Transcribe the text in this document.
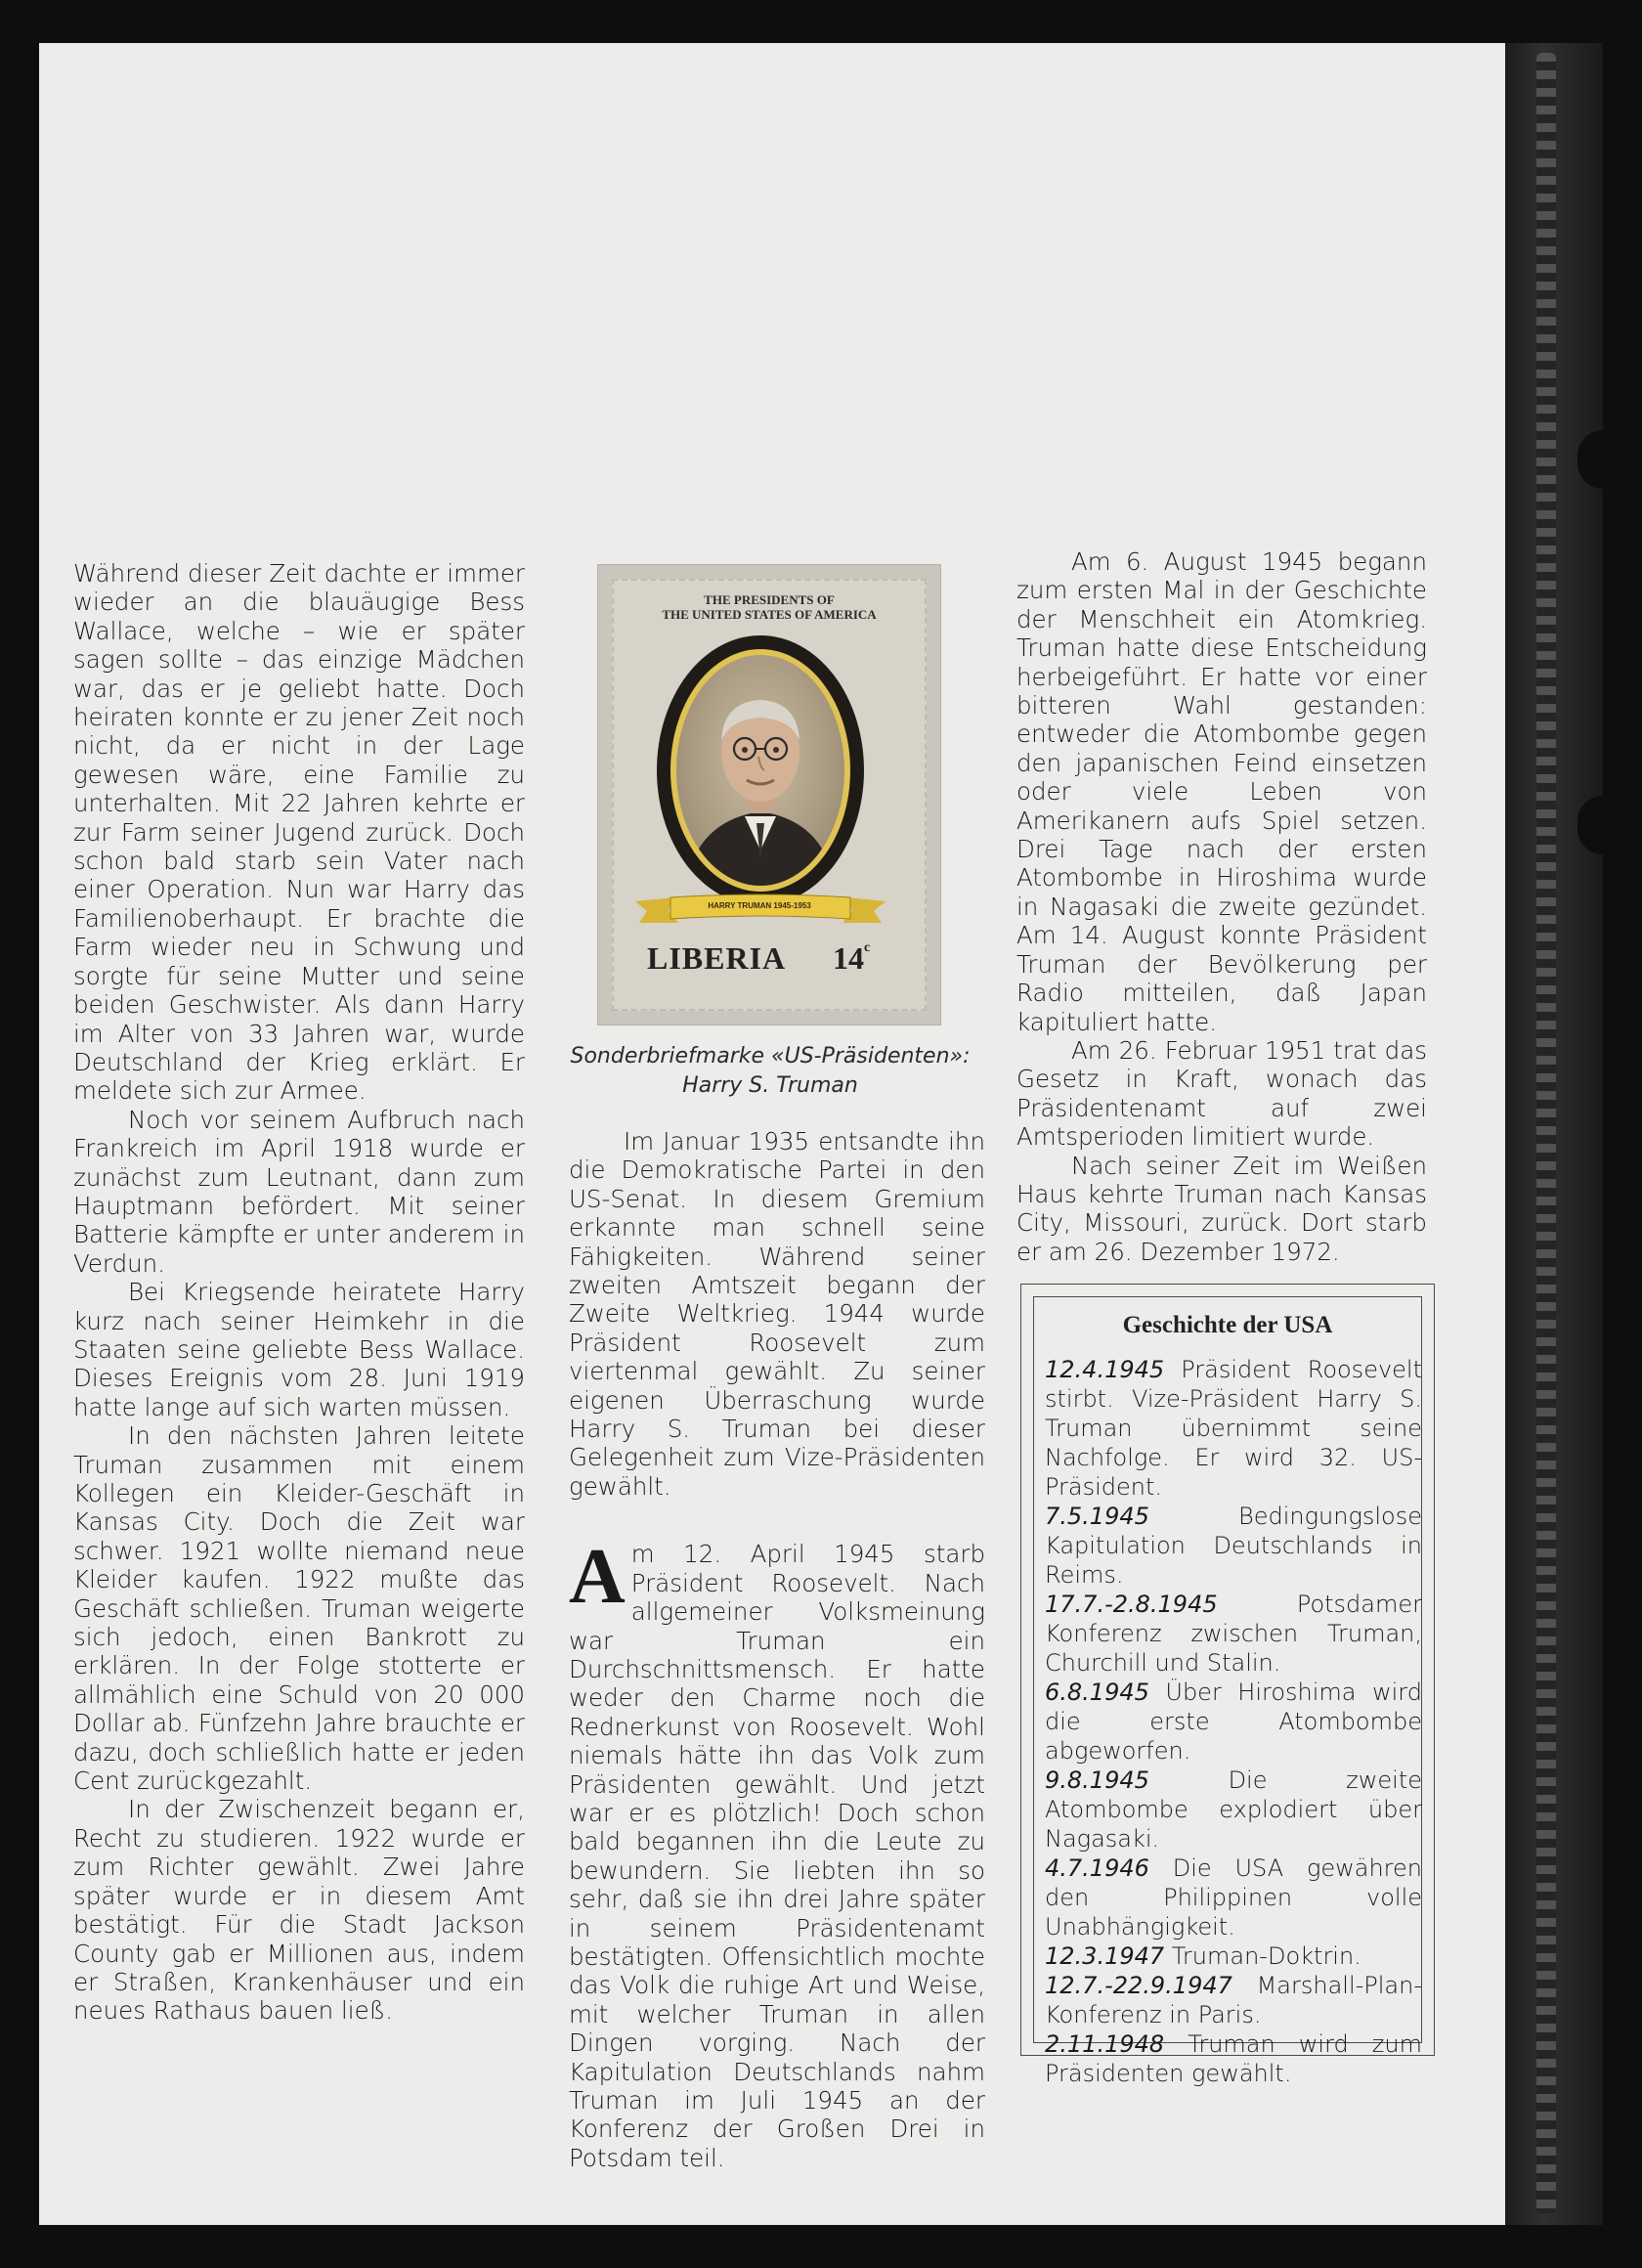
Während dieser Zeit dachte er immer wieder an die blauäugige Bess Wallace, welche – wie er später sagen sollte – das einzige Mädchen war, das er je geliebt hatte. Doch heiraten konnte er zu jener Zeit noch nicht, da er nicht in der Lage gewesen wäre, eine Familie zu unterhalten. Mit 22 Jahren kehrte er zur Farm seiner Jugend zurück. Doch schon bald starb sein Vater nach einer Operation. Nun war Harry das Familienoberhaupt. Er brachte die Farm wieder neu in Schwung und sorgte für seine Mutter und seine beiden Geschwister. Als dann Harry im Alter von 33 Jahren war, wurde Deutschland der Krieg erklärt. Er meldete sich zur Armee.

Noch vor seinem Aufbruch nach Frankreich im April 1918 wurde er zunächst zum Leutnant, dann zum Hauptmann befördert. Mit seiner Batterie kämpfte er unter anderem in Verdun.

Bei Kriegsende heiratete Harry kurz nach seiner Heimkehr in die Staaten seine geliebte Bess Wallace. Dieses Ereignis vom 28. Juni 1919 hatte lange auf sich warten müssen.

In den nächsten Jahren leitete Truman zusammen mit einem Kollegen ein Kleider-Geschäft in Kansas City. Doch die Zeit war schwer. 1921 wollte niemand neue Kleider kaufen. 1922 mußte das Geschäft schließen. Truman weigerte sich jedoch, einen Bankrott zu erklären. In der Folge stotterte er allmählich eine Schuld von 20 000 Dollar ab. Fünfzehn Jahre brauchte er dazu, doch schließlich hatte er jeden Cent zurückgezahlt.

In der Zwischenzeit begann er, Recht zu studieren. 1922 wurde er zum Richter gewählt. Zwei Jahre später wurde er in diesem Amt bestätigt. Für die Stadt Jackson County gab er Millionen aus, indem er Straßen, Krankenhäuser und ein neues Rathaus bauen ließ.

THE PRESIDENTS OF
THE UNITED STATES OF AMERICA
HARRY TRUMAN 1945-1953
LIBERIA 14$^c$
Sonderbriefmarke «US-Präsidenten»:
Harry S. Truman

Im Januar 1935 entsandte ihn die Demokratische Partei in den US-Senat. In diesem Gremium erkannte man schnell seine Fähigkeiten. Während seiner zweiten Amtszeit begann der Zweite Weltkrieg. 1944 wurde Präsident Roosevelt zum viertenmal gewählt. Zu seiner eigenen Überraschung wurde Harry S. Truman bei dieser Gelegenheit zum Vize-Präsidenten gewählt.

Am 12. April 1945 starb Präsident Roosevelt. Nach allgemeiner Volksmeinung war Truman ein Durchschnittsmensch. Er hatte weder den Charme noch die Rednerkunst von Roosevelt. Wohl niemals hätte ihn das Volk zum Präsidenten gewählt. Und jetzt war er es plötzlich! Doch schon bald begannen ihn die Leute zu bewundern. Sie liebten ihn so sehr, daß sie ihn drei Jahre später in seinem Präsidentenamt bestätigten. Offensichtlich mochte das Volk die ruhige Art und Weise, mit welcher Truman in allen Dingen vorging. Nach der Kapitulation Deutschlands nahm Truman im Juli 1945 an der Konferenz der Großen Drei in Potsdam teil.

Am 6. August 1945 begann zum ersten Mal in der Geschichte der Menschheit ein Atomkrieg. Truman hatte diese Entscheidung herbeigeführt. Er hatte vor einer bitteren Wahl gestanden: entweder die Atombombe gegen den japanischen Feind einsetzen oder viele Leben von Amerikanern aufs Spiel setzen. Drei Tage nach der ersten Atombombe in Hiroshima wurde in Nagasaki die zweite gezündet. Am 14. August konnte Präsident Truman der Bevölkerung per Radio mitteilen, daß Japan kapituliert hatte.

Am 26. Februar 1951 trat das Gesetz in Kraft, wonach das Präsidentenamt auf zwei Amtsperioden limitiert wurde.

Nach seiner Zeit im Weißen Haus kehrte Truman nach Kansas City, Missouri, zurück. Dort starb er am 26. Dezember 1972.

Geschichte der USA

12.4.1945 Präsident Roosevelt stirbt. Vize-Präsident Harry S. Truman übernimmt seine Nachfolge. Er wird 32. US-Präsident.

7.5.1945	Bedingungslose Kapitulation Deutschlands in Reims.

17.7.-2.8.1945	Potsdamer Konferenz zwischen Truman, Churchill und Stalin.

6.8.1945 Über Hiroshima wird die erste Atombombe abgeworfen.

9.8.1945	Die zweite Atombombe explodiert über Nagasaki.

4.7.1946 Die USA gewähren den Philippinen volle Unabhängigkeit.

12.3.1947 Truman-Doktrin.

12.7.-22.9.1947 Marshall-Plan-Konferenz in Paris.

2.11.1948 Truman wird zum Präsidenten gewählt.
